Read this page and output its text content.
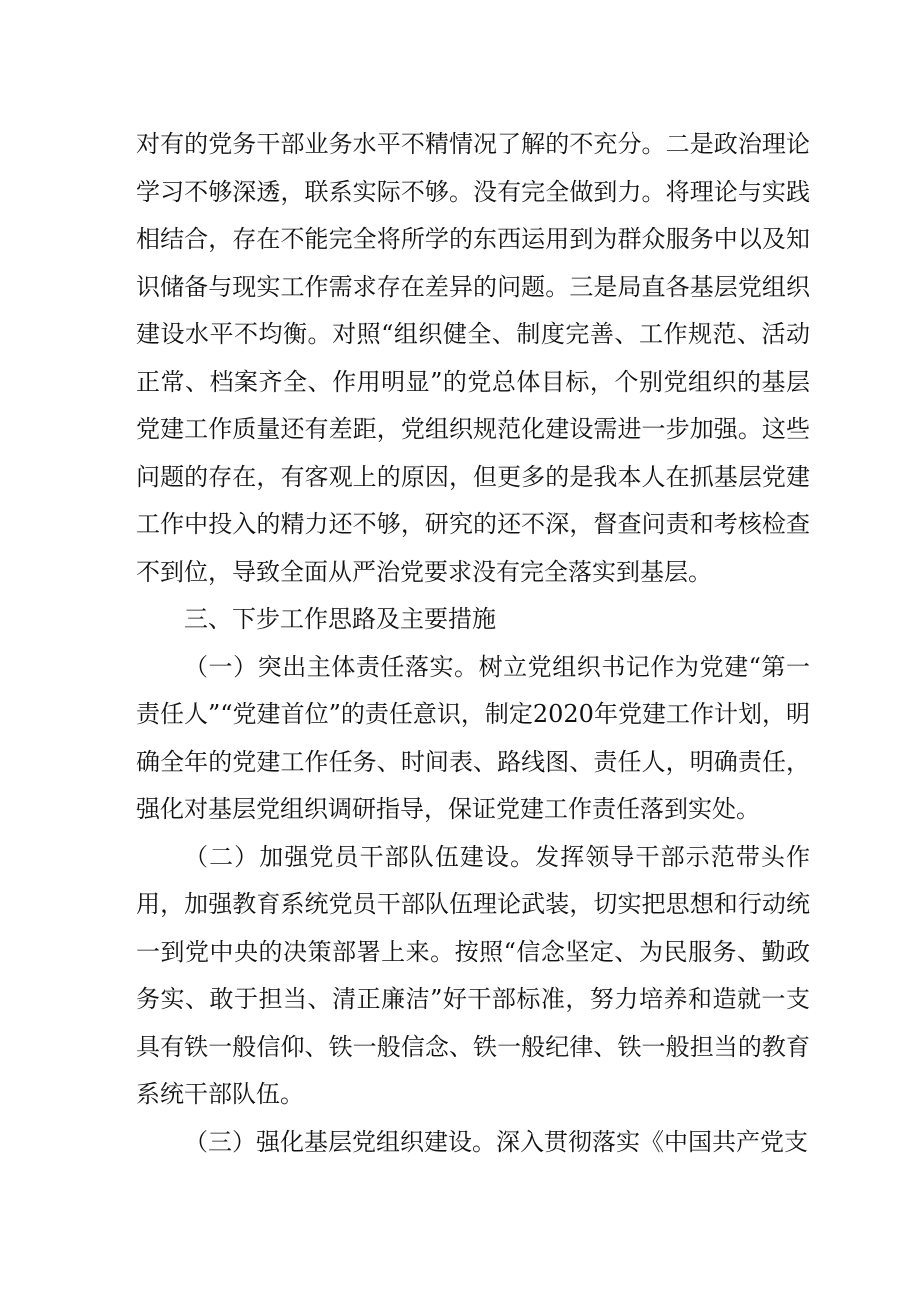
对有的党务干部业务水平不精情况了解的不充分。二是政治理论学习不够深透，联系实际不够。没有完全做到力。将理论与实践相结合，存在不能完全将所学的东西运用到为群众服务中以及知识储备与现实工作需求存在差异的问题。三是局直各基层党组织建设水平不均衡。对照“组织健全、制度完善、工作规范、活动正常、档案齐全、作用明显”的党总体目标，个别党组织的基层党建工作质量还有差距，党组织规范化建设需进一步加强。这些问题的存在，有客观上的原因，但更多的是我本人在抓基层党建工作中投入的精力还不够，研究的还不深，督查问责和考核检查不到位，导致全面从严治党要求没有完全落实到基层。

三、下步工作思路及主要措施

（一）突出主体责任落实。树立党组织书记作为党建“第一责任人”“党建首位”的责任意识，制定2020年党建工作计划，明确全年的党建工作任务、时间表、路线图、责任人，明确责任，强化对基层党组织调研指导，保证党建工作责任落到实处。

（二）加强党员干部队伍建设。发挥领导干部示范带头作用，加强教育系统党员干部队伍理论武装，切实把思想和行动统一到党中央的决策部署上来。按照“信念坚定、为民服务、勤政务实、敢于担当、清正廉洁”好干部标准，努力培养和造就一支具有铁一般信仰、铁一般信念、铁一般纪律、铁一般担当的教育系统干部队伍。

（三）强化基层党组织建设。深入贯彻落实《中国共产党支
